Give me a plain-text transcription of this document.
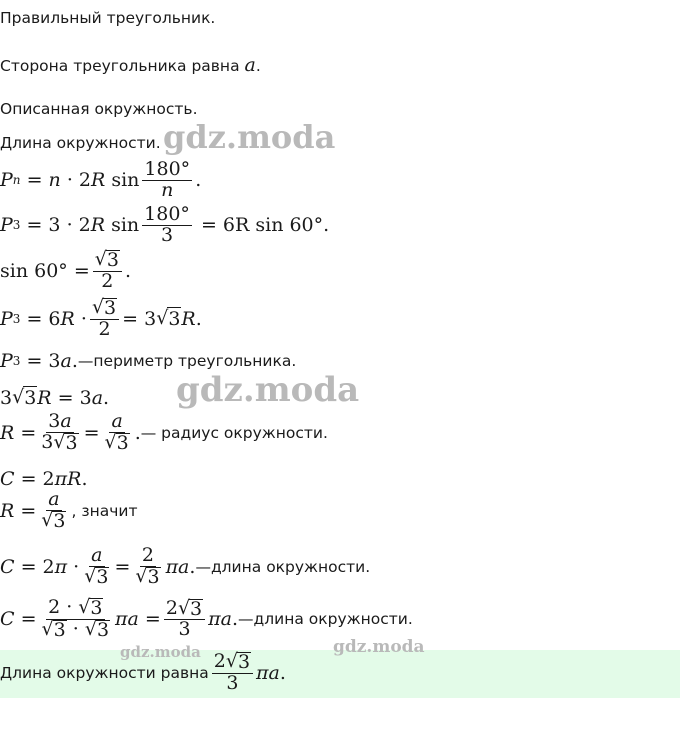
Правильный треугольник.
Сторона треугольника равна a.
Описанная окружность.
Длина окружности.
P n = n · 2 R $\sin \frac{180^\circ}{n}$ .
P 3 = 3 · 2 R $\sin \frac{180^\circ}{3}$
= 6R sin 60°.
$\sin 60^\circ = \frac{√ 3}{2}$ .
P 3 = 6 $R \cdot \frac{√ 3}{2} = 3$ √ 3 R .
P 3 = 3 a . —периметр треугольника.
3 √ 3 R = 3 a .
$R = \frac{3a}{3 √ 3} = \frac{a}{√ 3}$ . — радиус окружности.
C = 2 πR .
$R = \frac{a}{√ 3}$ , значит
C = 2 $\pi \cdot \frac{a}{√ 3} = \frac{2}{√ 3}$ πa . —длина окружности.
$C = \frac{2 \cdot √ 3}{√ 3 \cdot √ 3}$ $\pi a = \frac{2 √ 3}{3}$ πa . —длина окружности.
Длина окружности равна $\frac{2 √ 3}{3}$ πa .
gdz.moda
gdz.moda
gdz.moda	gdz.moda
